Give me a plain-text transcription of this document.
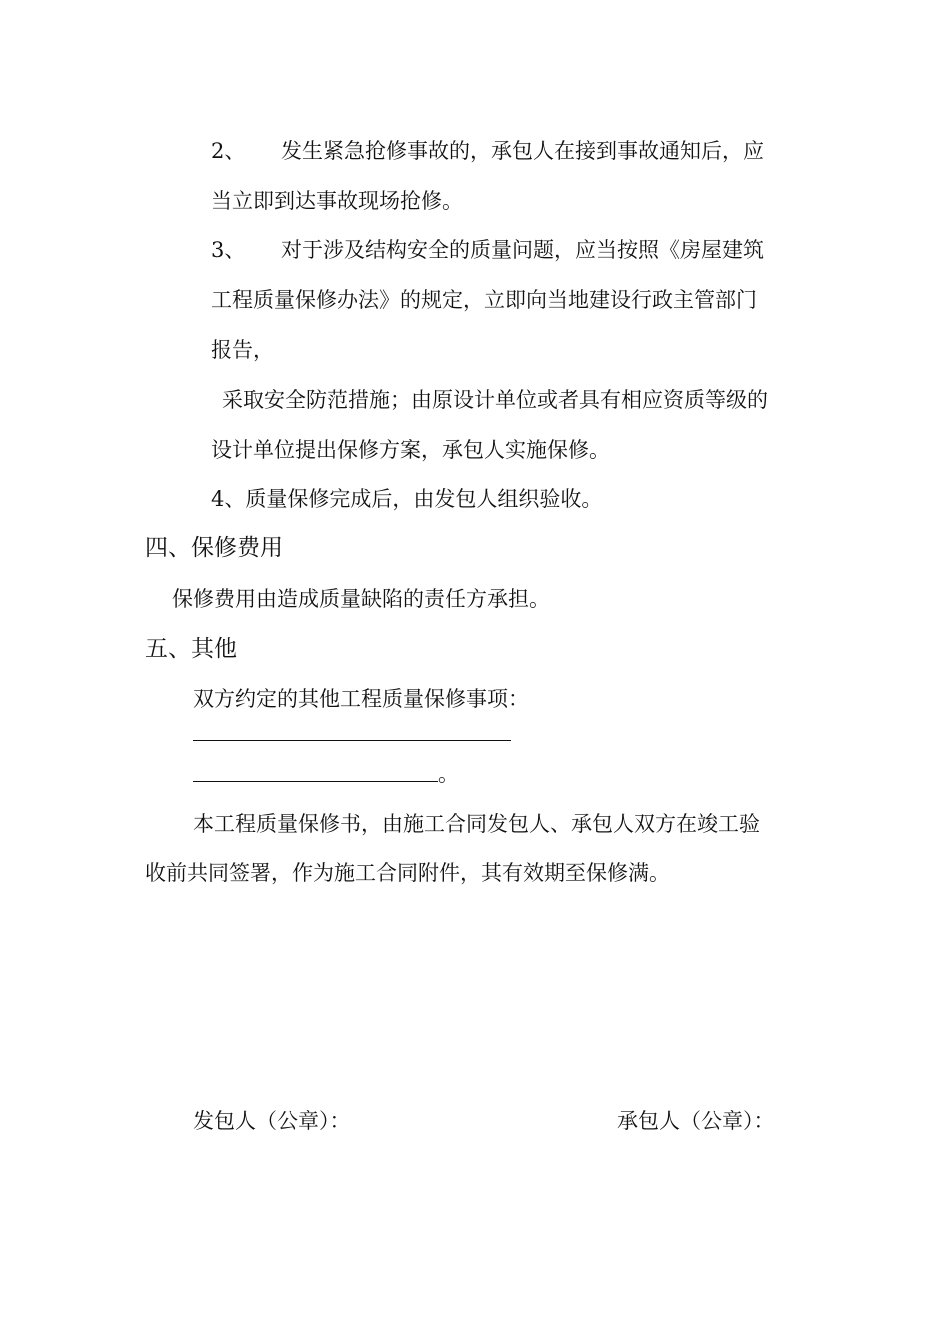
2、 发生紧急抢修事故的，承包人在接到事故通知后，应
当立即到达事故现场抢修。
3、 对于涉及结构安全的质量问题，应当按照《房屋建筑
工程质量保修办法》的规定，立即向当地建设行政主管部门
报告，
采取安全防范措施；由原设计单位或者具有相应资质等级的
设计单位提出保修方案，承包人实施保修。
4、质量保修完成后，由发包人组织验收。
四、保修费用
保修费用由造成质量缺陷的责任方承担。
五、其他
双方约定的其他工程质量保修事项：
。
本工程质量保修书，由施工合同发包人、承包人双方在竣工验
收前共同签署，作为施工合同附件，其有效期至保修满。
发包人（公章）：	承包人（公章）：
